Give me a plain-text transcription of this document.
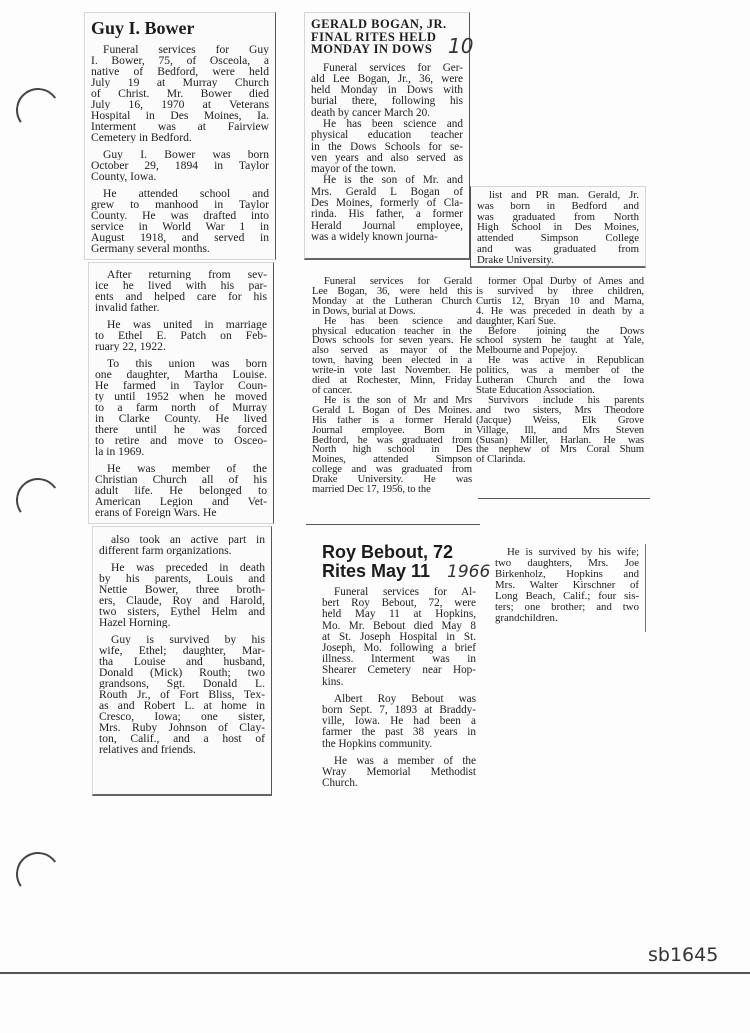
Guy I. Bower
Funeral services for Guy
I. Bower, 75, of Osceola, a
native of Bedford, were held
July 19 at Murray Church
of Christ. Mr. Bower died
July 16, 1970 at Veterans
Hospital in Des Moines, Ia.
Interment was at Fairview
Cemetery in Bedford.
Guy I. Bower was born
October 29, 1894 in Taylor
County, Iowa.
He attended school and
grew to manhood in Taylor
County. He was drafted into
service in World War 1 in
August 1918, and served in
Germany several months.
After returning from sev-
ice he lived with his par-
ents and helped care for his
invalid father.
He was united in marriage
to Ethel E. Patch on Feb-
ruary 22, 1922.
To this union was born
one daughter, Martha Louise.
He farmed in Taylor Coun-
ty until 1952 when he moved
to a farm north of Murray
in Clarke County. He lived
there until he was forced
to retire and move to Osceo-
la in 1969.
He was member of the
Christian Church all of his
adult life. He belonged to
American Legion and Vet-
erans of Foreign Wars. He
also took an active part in
different farm organizations.
He was preceded in death
by his parents, Louis and
Nettie Bower, three broth-
ers, Claude, Roy and Harold,
two sisters, Eythel Helm and
Hazel Horning.
Guy is survived by his
wife, Ethel; daughter, Mar-
tha Louise and husband,
Donald (Mick) Routh; two
grandsons, Sgt. Donald L.
Routh Jr., of Fort Bliss, Tex-
as and Robert L. at home in
Cresco, Iowa; one sister,
Mrs. Ruby Johnson of Clay-
ton, Calif., and a host of
relatives and friends.
GERALD BOGAN, JR.
FINAL RITES HELD
MONDAY IN DOWS
Funeral services for Ger-
ald Lee Bogan, Jr., 36, were
held Monday in Dows with
burial there, following his
death by cancer March 20.
He has been science and
physical education teacher
in the Dows Schools for se-
ven years and also served as
mayor of the town.
He is the son of Mr. and
Mrs. Gerald L Bogan of
Des Moines, formerly of Cla-
rinda. His father, a former
Herald Journal employee,
was a widely known journa-
10
list and PR man. Gerald, Jr.
was born in Bedford and
was graduated from North
High School in Des Moines,
attended Simpson College
and was graduated from
Drake University.
Funeral services for Gerald
Lee Bogan, 36, were held this
Monday at the Lutheran Church
in Dows, burial at Dows.
He has been science and
physical education teacher in the
Dows schools for seven years. He
also served as mayor of the
town, having been elected in a
write-in vote last November. He
died at Rochester, Minn, Friday
of cancer.
He is the son of Mr and Mrs
Gerald L Bogan of Des Moines.
His father is a former Herald
Journal employee. Born in
Bedford, he was graduated from
North high school in Des
Moines, attended Simpson
college and was graduated from
Drake University. He was
married Dec 17, 1956, to the
former Opal Durby of Ames and
is survived by three children,
Curtis 12, Bryan 10 and Marna,
4. He was preceded in death by a
daughter, Kari Sue.
Before joining the Dows
school system he taught at Yale,
Melbourne and Popejoy.
He was active in Republican
politics, was a member of the
Lutheran Church and the Iowa
State Education Association.
Survivors include his parents
and two sisters, Mrs Theodore
(Jacque) Weiss, Elk Grove
Village, Ill, and Mrs Steven
(Susan) Miller, Harlan. He was
the nephew of Mrs Coral Shum
of Clarinda.
Roy Bebout, 72
Rites May 11
Funeral services for Al-
bert Roy Bebout, 72, were
held May 11 at Hopkins,
Mo. Mr. Bebout died May 8
at St. Joseph Hospital in St.
Joseph, Mo. following a brief
illness. Interment was in
Shearer Cemetery near Hop-
kins.
Albert Roy Bebout was
born Sept. 7, 1893 at Braddy-
ville, Iowa. He had been a
farmer the past 38 years in
the Hopkins community.
He was a member of the
Wray Memorial Methodist
Church.
1966
He is survived by his wife;
two daughters, Mrs. Joe
Birkenholz, Hopkins and
Mrs. Walter Kirschner of
Long Beach, Calif.; four sis-
ters; one brother; and two
grandchildren.
sb1645
